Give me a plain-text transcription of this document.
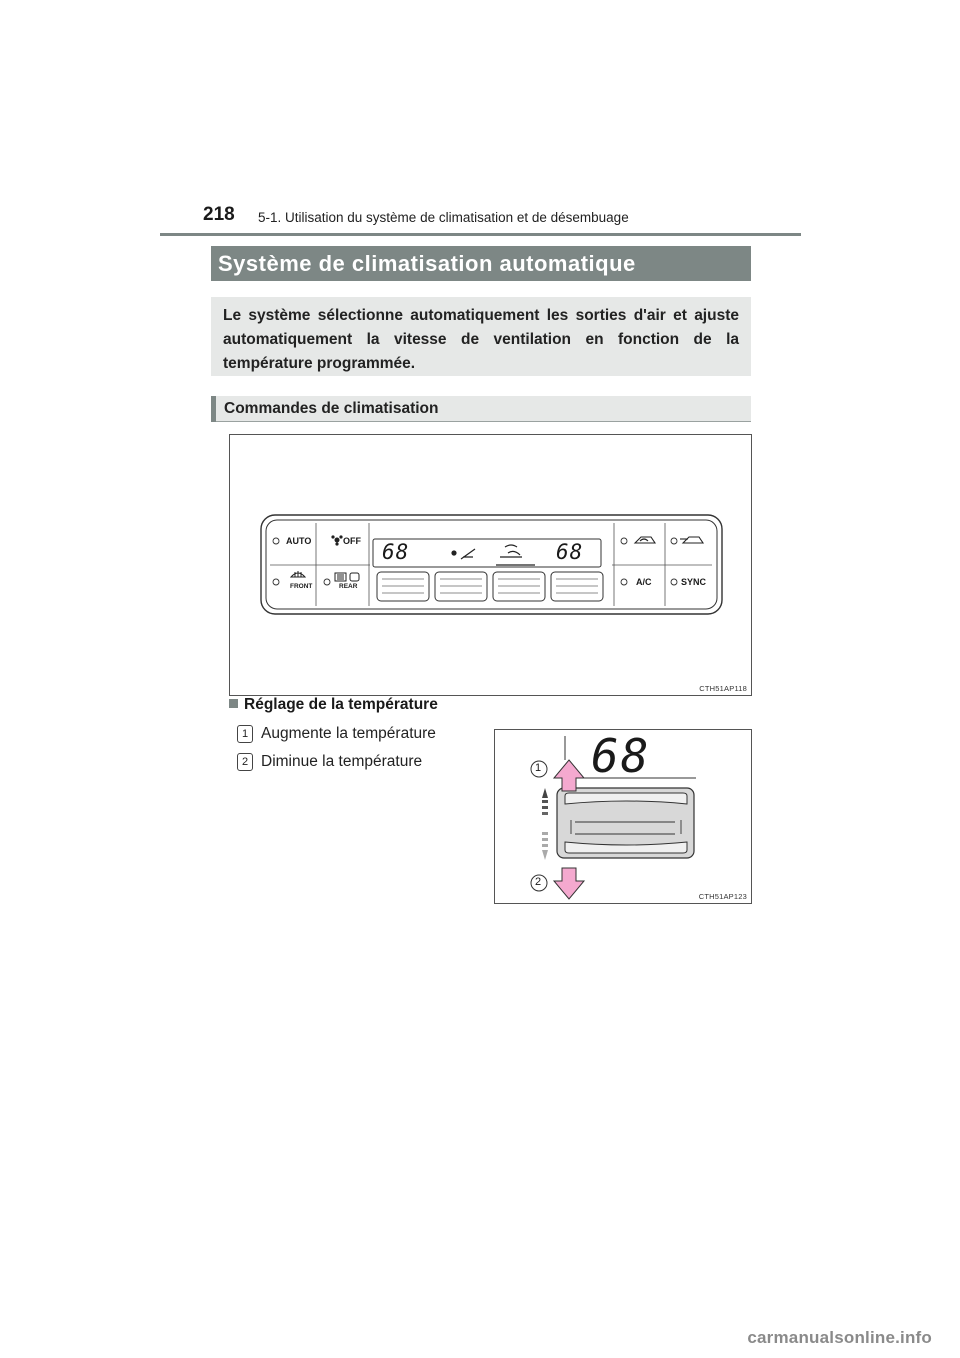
218 5-1. Utilisation du système de climatisation et de désembuage
Système de climatisation automatique

Le système sélectionne automatiquement les sorties d'air et ajuste automatiquement la vitesse de ventilation en fonction de la température programmée.

Commandes de climatisation
AUTO	OFF
FRONT	REAR	A/C	SYNC
68	68
CTH51AP118
Réglage de la température
1 Augmente la température
2 Diminue la température	68
1
2
CTH51AP123
carmanualsonline.info
